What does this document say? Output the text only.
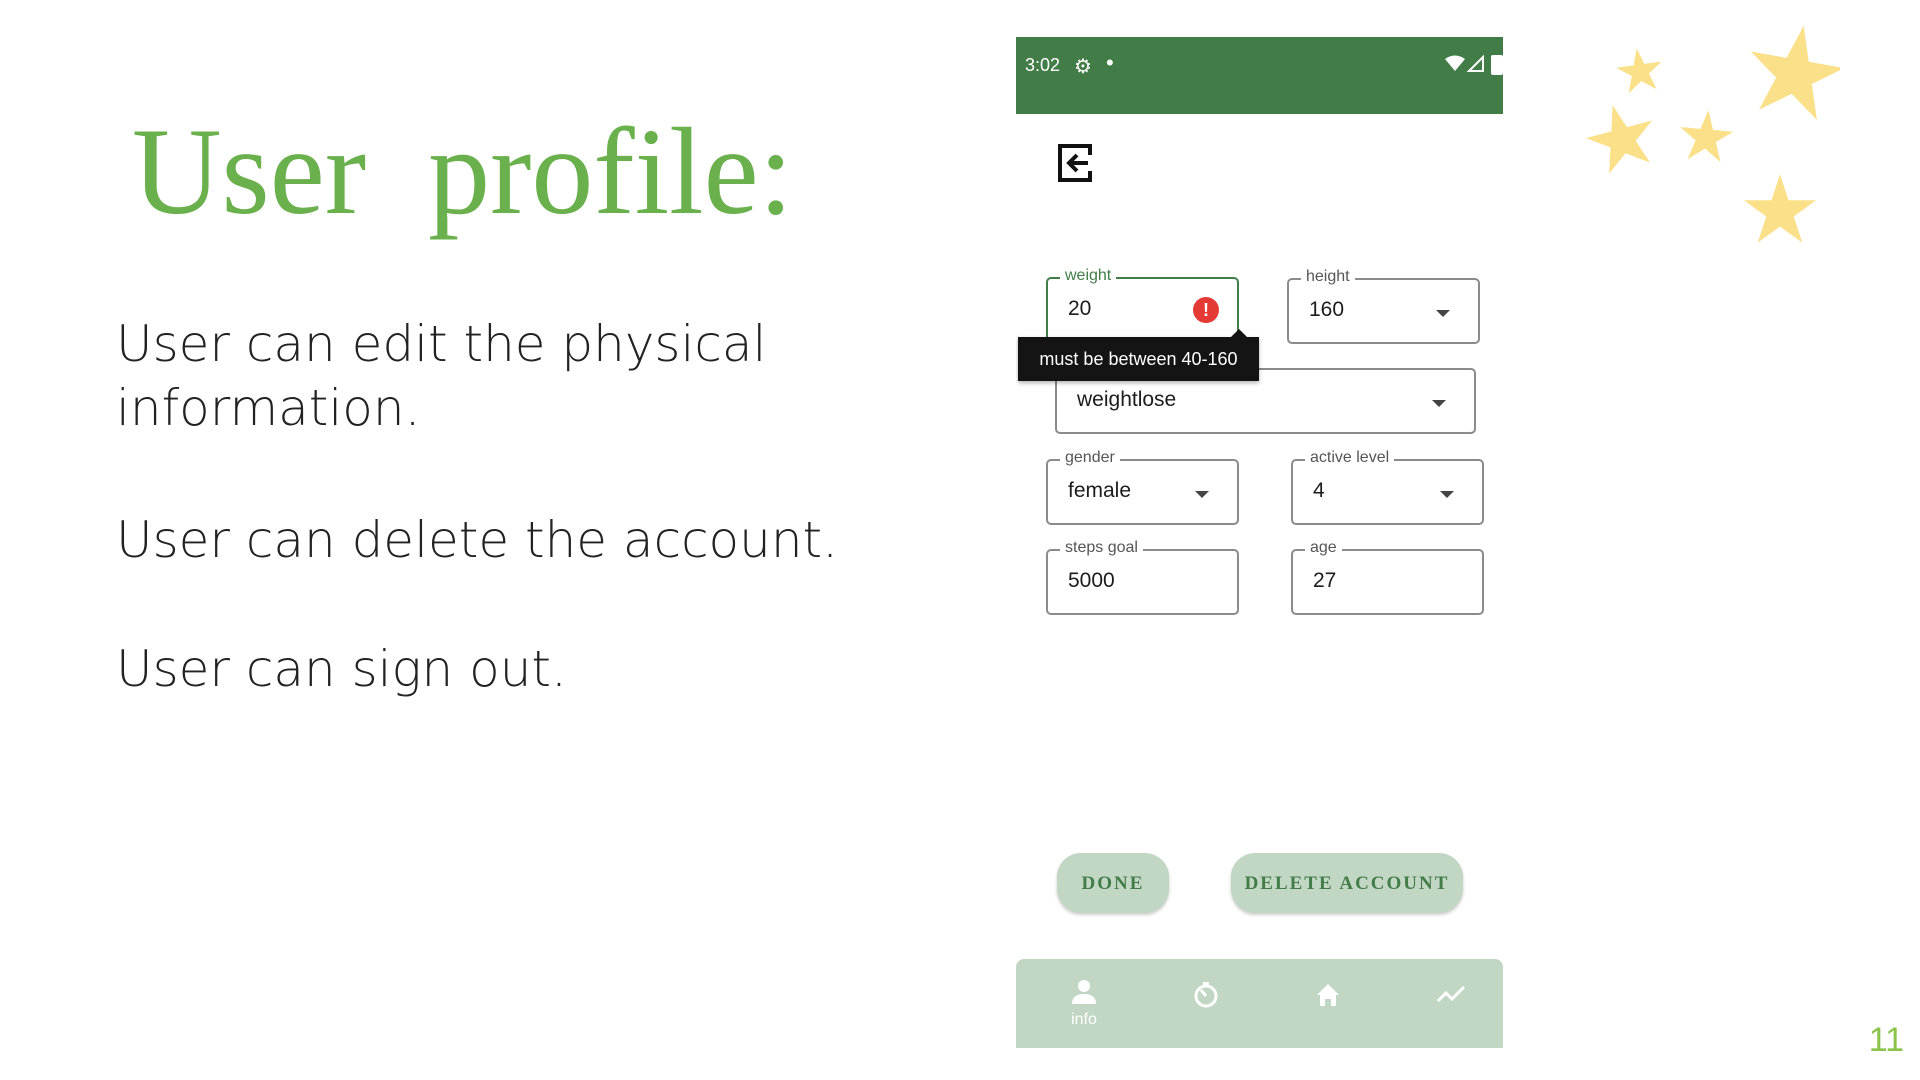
User  profile:

User can edit the physical information.

User can delete the account.

User can sign out.

11
3:02 ⚙ •
weight
20	!
height
160
weightlose
must be between 40-160
gender
female
active level
4
steps goal
5000
age
27
DONE	DELETE ACCOUNT
info
